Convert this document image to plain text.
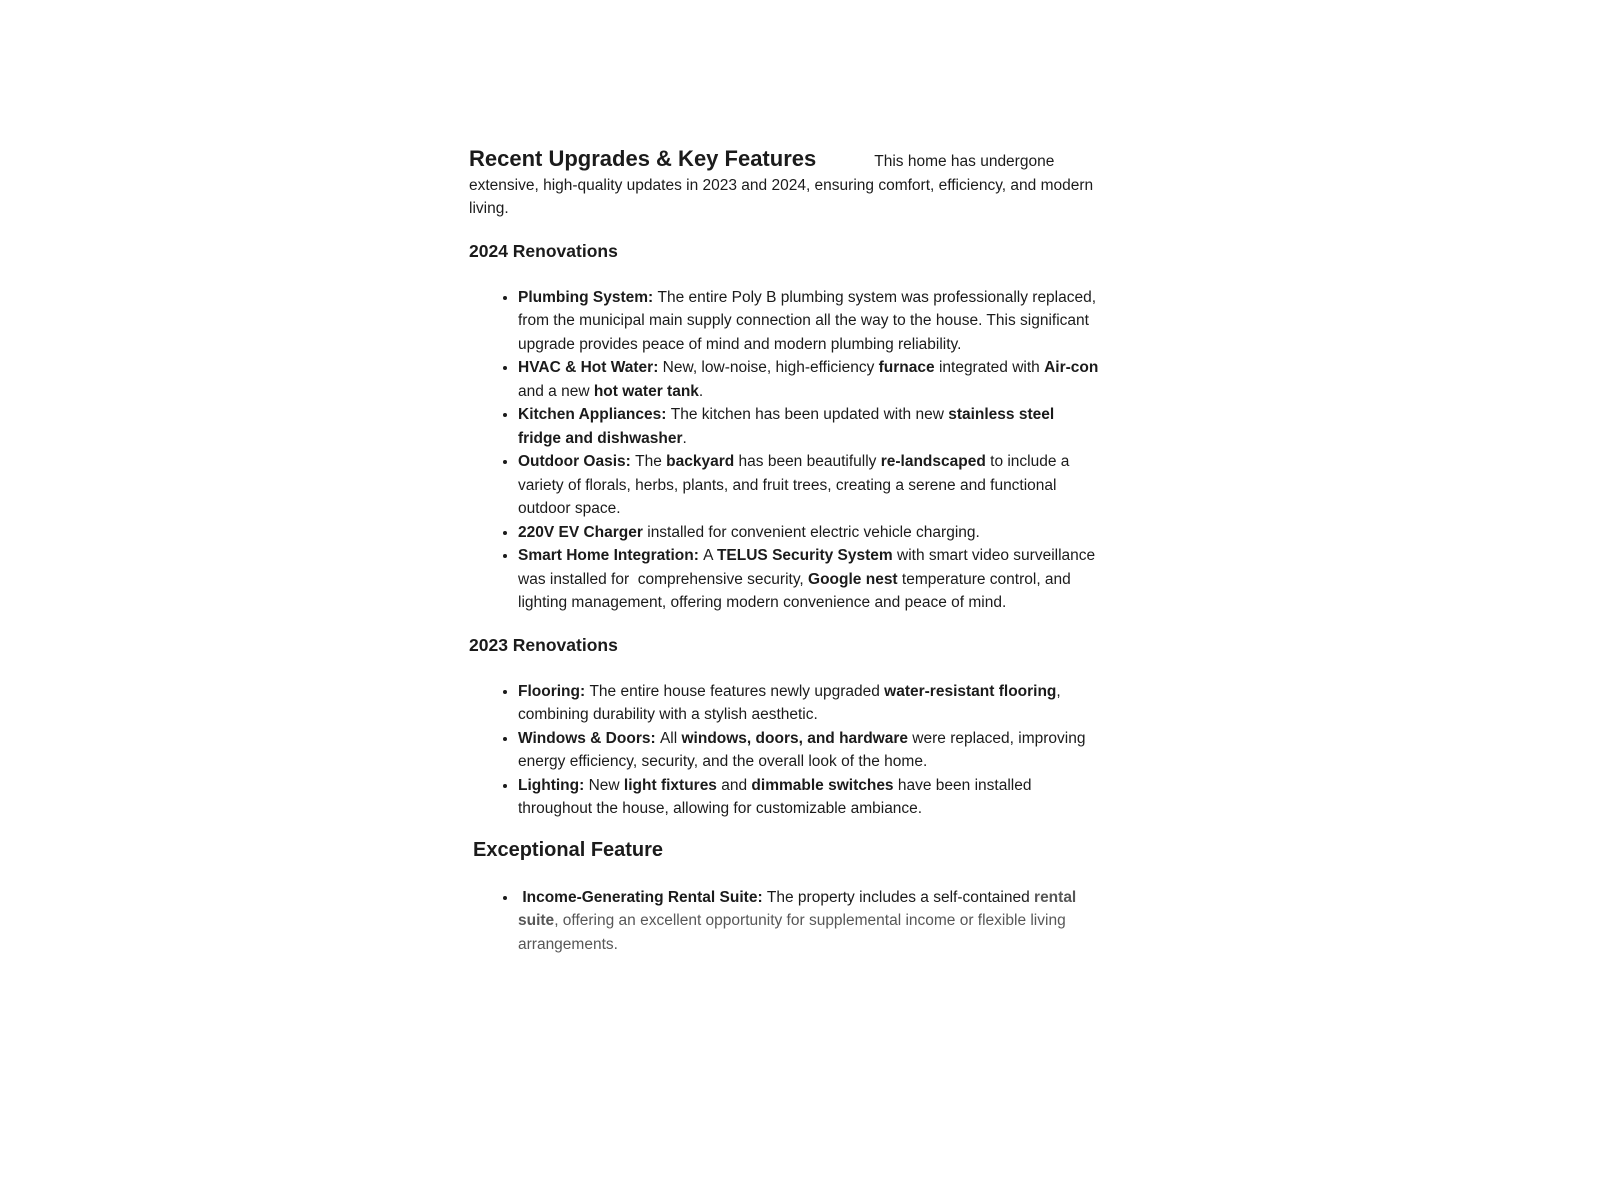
Recent Upgrades & Key Features	This home has undergone extensive, high-quality updates in 2023 and 2024, ensuring comfort, efficiency, and modern living.

2024 Renovations
• Plumbing System: The entire Poly B plumbing system was professionally replaced, from the municipal main supply connection all the way to the house. This significant upgrade provides peace of mind and modern plumbing reliability.
• HVAC & Hot Water: New, low-noise, high-efficiency furnace integrated with Air-con and a new hot water tank.
• Kitchen Appliances: The kitchen has been updated with new stainless steel fridge and dishwasher.
• Outdoor Oasis: The backyard has been beautifully re-landscaped to include a variety of florals, herbs, plants, and fruit trees, creating a serene and functional outdoor space.
• 220V EV Charger installed for convenient electric vehicle charging.
• Smart Home Integration: A TELUS Security System with smart video surveillance was installed for  comprehensive security, Google nest temperature control, and lighting management, offering modern convenience and peace of mind.
2023 Renovations
• Flooring: The entire house features newly upgraded water-resistant flooring, combining durability with a stylish aesthetic.
• Windows & Doors: All windows, doors, and hardware were replaced, improving energy efficiency, security, and the overall look of the home.
• Lighting: New light fixtures and dimmable switches have been installed throughout the house, allowing for customizable ambiance.
Exceptional Feature
•  Income-Generating Rental Suite: The property includes a self-contained rental suite, offering an excellent opportunity for supplemental income or flexible living arrangements.
